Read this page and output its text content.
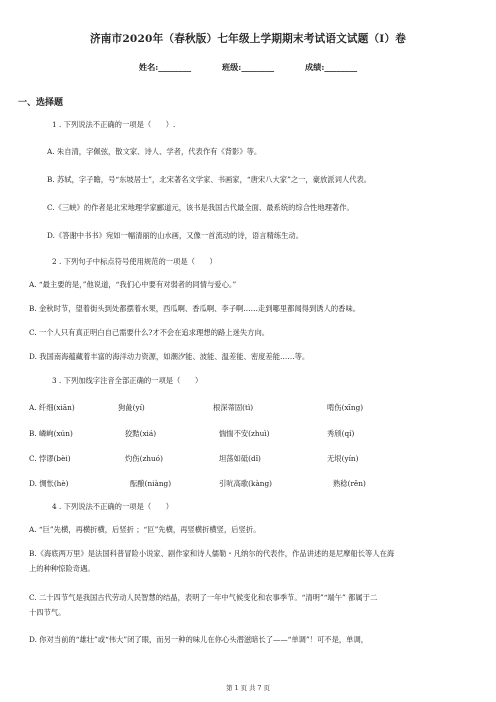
济南市2020年（春秋版）七年级上学期期末考试语文试题（I）卷
姓名:________	班级:________	成绩:________
一、选择题
1 . 下列说法不正确的一项是（　　）.
A. 朱自清，字佩弦，散文家、诗人、学者，代表作有《背影》等。
B. 苏轼，字子瞻，号“东坡居士”，北宋著名文学家、书画家，“唐宋八大家”之一，豪放派词人代表。
C.《三峡》的作者是北宋地理学家郦道元，该书是我国古代最全面、最系统的综合性地理著作。
D.《答谢中书书》宛如一幅清丽的山水画，又像一首流动的诗，语言精练生动。
2 . 下列句子中标点符号使用规范的一项是（　　）
A. “最主要的是，”他说道，“我们心中要有对弱者的同情与爱心。”
B. 金秋时节，望着街头到处都摆着水果，西瓜啊、香瓜啊、李子啊……走到哪里都闻得到诱人的香味。
C. 一个人只有真正明白自己需要什么?才不会在追求理想的路上迷失方向。
D. 我国南海蕴藏着丰富的海洋动力资源，如潮汐能、波能、温差能、密度差能……等。
3 . 下列加线字注音全部正确的一项是（　　）
A. 纤细(xiān)	狗彘(yí)	根深蒂固(tì)	啃伤(xīng)
B. 嶙峋(xún)	狡黠(xiá)	惴惴不安(zhuì)	秀颀(qí)
C. 悖谬(bèi)	灼伤(zhuó)	坦荡如砥(dǐ)	无垠(yín)
D. 惆怅(hè)	酝酿(niàng)	引吭高歌(kàng)	熟稔(rěn)
4 . 下列说法不正确的一项是（　　）
A. “巨”先横，再横折横，后竖折 ；“叵”先横，再竖横折横竖，后竖折。
B.《海底两万里》是法国科普冒险小说家、剧作家和诗人儒勒・凡纳尔的代表作，作品讲述的是尼摩船长等人在海
上的种种惊险奇遇。
C. 二十四节气是我国古代劳动人民智慧的结晶，表明了一年中气候变化和农事季节。“清明”“端午” 都属于二
十四节气。
D. 你对当前的“雄壮”或“伟大”闭了眼，而另一种的味儿在你心头潜滋暗长了——“单调”！可不是，单调，
第 1 页 共 7 页
